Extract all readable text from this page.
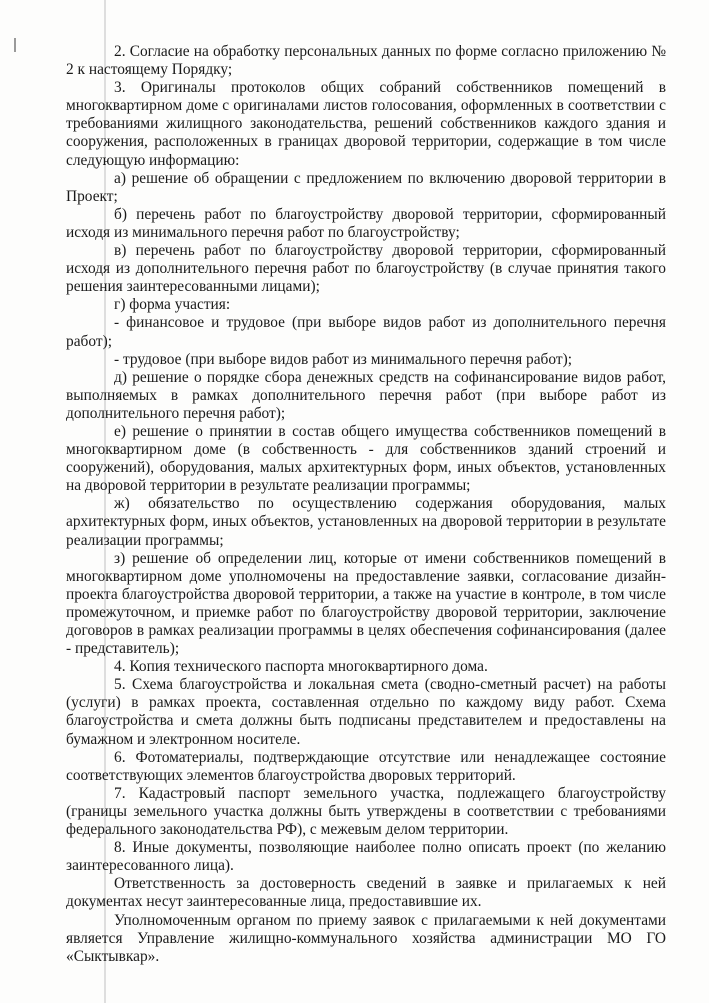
2. Согласие на обработку персональных данных по форме согласно приложению № 2 к настоящему Порядку;

3. Оригиналы протоколов общих собраний собственников помещений в многоквартирном доме с оригиналами листов голосования, оформленных в соответствии с требованиями жилищного законодательства, решений собственников каждого здания и сооружения, расположенных в границах дворовой территории, содержащие в том числе следующую информацию:

а) решение об обращении с предложением по включению дворовой территории в Проект;

б) перечень работ по благоустройству дворовой территории, сформированный исходя из минимального перечня работ по благоустройству;

в) перечень работ по благоустройству дворовой территории, сформированный исходя из дополнительного перечня работ по благоустройству (в случае принятия такого решения заинтересованными лицами);

г) форма участия:

- финансовое и трудовое (при выборе видов работ из дополнительного перечня работ);

- трудовое (при выборе видов работ из минимального перечня работ);

д) решение о порядке сбора денежных средств на софинансирование видов работ, выполняемых в рамках дополнительного перечня работ (при выборе работ из дополнительного перечня работ);

е) решение о принятии в состав общего имущества собственников помещений в многоквартирном доме (в собственность - для собственников зданий строений и сооружений), оборудования, малых архитектурных форм, иных объектов, установленных на дворовой территории в результате реализации программы;

ж) обязательство по осуществлению содержания оборудования, малых архитектурных форм, иных объектов, установленных на дворовой территории в результате реализации программы;

з) решение об определении лиц, которые от имени собственников помещений в многоквартирном доме уполномочены на предоставление заявки, согласование дизайн-проекта благоустройства дворовой территории, а также на участие в контроле, в том числе промежуточном, и приемке работ по благоустройству дворовой территории, заключение договоров в рамках реализации программы в целях обеспечения софинансирования (далее - представитель);

4. Копия технического паспорта многоквартирного дома.

5. Схема благоустройства и локальная смета (сводно-сметный расчет) на работы (услуги) в рамках проекта, составленная отдельно по каждому виду работ. Схема благоустройства и смета должны быть подписаны представителем и предоставлены на бумажном и электронном носителе.

6. Фотоматериалы, подтверждающие отсутствие или ненадлежащее состояние соответствующих элементов благоустройства дворовых территорий.

7. Кадастровый паспорт земельного участка, подлежащего благоустройству (границы земельного участка должны быть утверждены в соответствии с требованиями федерального законодательства РФ), с межевым делом территории.

8. Иные документы, позволяющие наиболее полно описать проект (по желанию заинтересованного лица).

Ответственность за достоверность сведений в заявке и прилагаемых к ней документах несут заинтересованные лица, предоставившие их.

Уполномоченным органом по приему заявок с прилагаемыми к ней документами является Управление жилищно-коммунального хозяйства администрации МО ГО «Сыктывкар».
